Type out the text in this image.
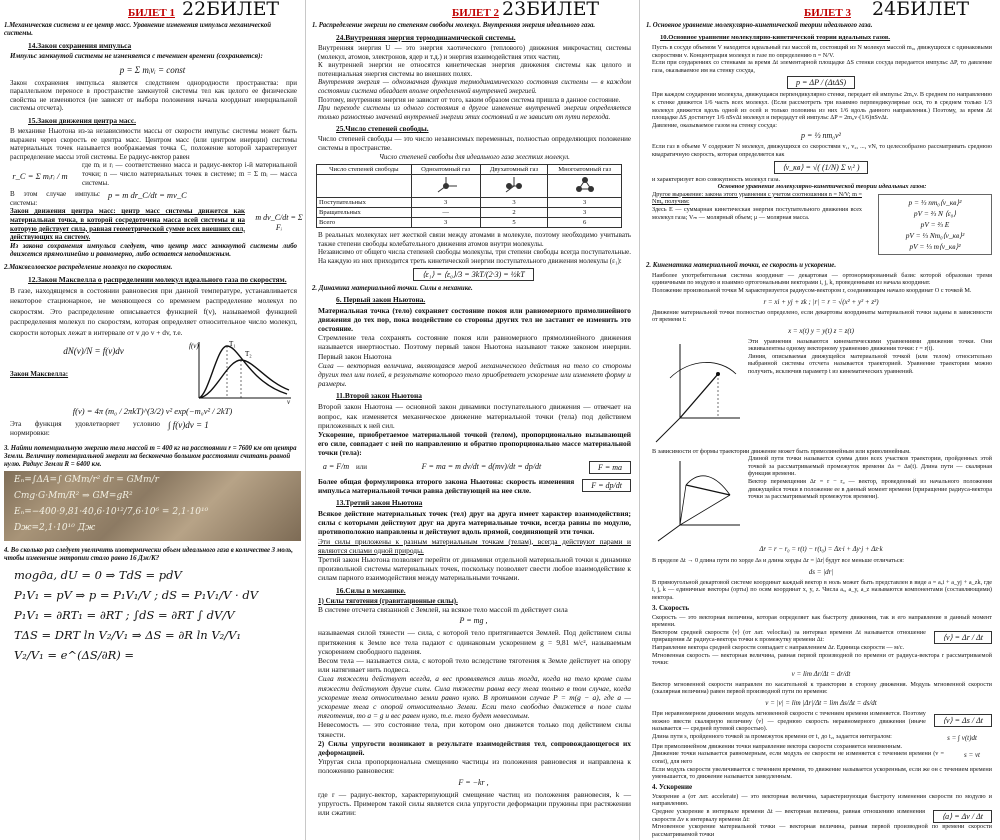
БИЛЕТ 1 22БИЛЕТ
1.Механическая система и ее центр масс. Уравнение изменения импульса механической системы.
14.Закон сохранения импульса
Импульс замкнутой системы не изменяется с течением времени (сохраняется):
p = Σ mᵢvᵢ = const
Закон сохранения импульса является следствием однородности пространства: при параллельном переносе в пространстве замкнутой системы тел как целого ее физические свойства не изменяются (не зависят от выбора положения начала координат инерциальной системы отсчета).
15.Закон движения центра масс.
В механике Ньютона из-за независимости массы от скорости импульс системы может быть выражен через скорость ее центра масс. Центром масс (или центром инерции) системы материальных точек называется воображаемая точка C, положение которой характеризует распределение массы этой системы. Ее радиус-вектор равен
r_C = Σ mᵢrᵢ / m
где mᵢ и rᵢ — соответственно масса и радиус-вектор i-й материальной точки; n — число материальных точек в системе; m = Σ mᵢ — масса системы.
В этом случае импульс системы:
p = m dr_C/dt = mv_C
Закон движения центра масс: центр масс системы движется как материальная точка, в которой сосредоточена масса всей системы и на которую действует сила, равная геометрической сумме всех внешних сил, действующих на систему.
m dv_C/dt = Σ Fᵢ
Из закона сохранения импульса следует, что центр масс замкнутой системы либо движется прямолинейно и равномерно, либо остается неподвижным.
2.Максвелловское распределение молекул по скоростям.
12.Закон Максвелла о распределении молекул идеального газа по скоростям.
В газе, находящемся в состоянии равновесия при данной температуре, устанавливается некоторое стационарное, не меняющееся со временем распределение молекул по скоростям. Это распределение описывается функцией f(v), называемой функцией распределения молекул по скоростям, которая определяет относительное число молекул, скорости которых лежат в интервале от v до v + dv, т.е.
dN(v)/N = f(v)dv
Закон Максвелла:
f(v)	T₁
T₂
v
f(v) = 4π (m₀ / 2πkT)^(3/2) v² exp(−m₀v² / 2kT)
Эта функция удовлетворяет условию нормировки:
∫ f(v)dv = 1
3. Найти потенциальную энергию тела массой m = 400 кг на расстоянии r = 7600 км от центра Земли. Величину потенциальной энергии на бесконечно большом расстоянии считать равной нулю. Радиус Земли R = 6400 км.
Eₙ=∫ΔA=∫ GMm/r² dr = GMm/r
Cmg·G·Mm/R² ⇒ GM=gR²
Eₙ=−400·9,81·40,6·10¹²/7,6·10⁶ = 2,1·10¹⁰
Dж=2,1·10¹⁰ Дж
4. Во сколько раз следует увеличить изотермически объем идеального газа в количестве 3 моль, чтобы изменение энтропии стало равно 16 Дж/К?
mogда, dU = 0 ⇒ TdS = pdV
P₁V₁ = pV ⇒ p = P₁V₁/V ; dS = P₁V₁/V · dV
P₁V₁ = ∂RT₁ = ∂RT ; ∫dS = ∂RT ∫ dV/V
TΔS = DRT ln V₂/V₁ ⇒ ΔS = ∂R ln V₂/V₁
V₂/V₁ = e^(ΔS/∂R) =
БИЛЕТ 2 23БИЛЕТ
1. Распределение энергии по степеням свободы молекул. Внутренняя энергия идеального газа.
24.Внутренняя энергия термодинамической системы.
Внутренняя энергия U — это энергия хаотического (теплового) движения микрочастиц системы (молекул, атомов, электронов, ядер и т.д.) и энергия взаимодействия этих частиц.
К внутренней энергии не относятся кинетическая энергия движения системы как целого и потенциальная энергия системы во внешних полях.
Внутренняя энергия — однозначная функция термодинамического состояния системы — в каждом состоянии система обладает вполне определенной внутренней энергией.
Поэтому, внутренняя энергия не зависит от того, каким образом система пришла в данное состояние.
При переходе системы из одного состояния в другое изменение внутренней энергии определяется только разностью значений внутренней энергии этих состояний и не зависит от пути перехода.
25.Число степеней свободы.
Число степеней свободы — это число независимых переменных, полностью определяющих положение системы в пространстве.
Число степеней свободы для идеального газа жестких молекул.
Число степеней свободы	Одноатомный газ	Двухатомный газ	Многоатомный газ

Поступательных	3	3	3
Вращательных	—	2	3
Всего	3	5	6
В реальных молекулах нет жесткой связи между атомами в молекуле, поэтому необходимо учитывать также степени свободы колебательного движения атомов внутри молекулы.
Независимо от общего числа степеней свободы молекулы, три степени свободы всегда поступательные. На каждую из них приходится треть кинетической энергии поступательного движения молекулы (ε₁):
⟨ε₁⟩ = ⟨ε₀⟩/3 = 3kT/(2·3) = ½kT
2. Динамика материальной точки. Силы в механике.
6. Первый закон Ньютона.
Материальная точка (тело) сохраняет состояние покоя или равномерного прямолинейного движения до тех пор, пока воздействие со стороны других тел не заставит ее изменить это состояние.
Стремление тела сохранять состояние покоя или равномерного прямолинейного движения называется инертностью. Поэтому первый закон Ньютона называют также законом инерции. Первый закон Ньютона
Сила — векторная величина, являющаяся мерой механического действия на тело со стороны других тел или полей, в результате которого тело приобретает ускорение или изменяет форму и размеры.
11.Второй закон Ньютона
Второй закон Ньютона — основной закон динамики поступательного движения — отвечает на вопрос, как изменяется механическое движение материальной точки (тела) под действием приложенных к ней сил.
Ускорение, приобретаемое материальной точкой (телом), пропорционально вызывающей его силе, совпадает с ней по направлению и обратно пропорционально массе материальной точки (тела):
a = F/m или	F = ma = m dv/dt = d(mv)/dt = dp/dt	F = ma
Более общая формулировка второго закона Ньютона: скорость изменения импульса материальной точки равна действующей на нее силе.
F = dp/dt
13.Третий закон Ньютона
Всякое действие материальных точек (тел) друг на друга имеет характер взаимодействия; силы с которыми действуют друг на друга материальные точки, всегда равны по модулю, противоположно направлены и действуют вдоль прямой, соединяющей эти точки.
Эти силы приложены к разным материальным точкам (телам), всегда действуют парами и являются силами одной природы.
Третий закон Ньютона позволяет перейти от динамики отдельной материальной точки к динамике произвольной системы материальных точек, поскольку позволяет свести любое взаимодействие к силам парного взаимодействия между материальными точками.
16.Силы в механике.
1) Силы тяготения (гравитационные силы).
В системе отсчета связанной с Землей, на всякое тело массой m действует сила
P = mg ,
называемая силой тяжести — сила, с которой тело притягивается Землей. Под действием силы притяжения к Земле все тела падают с одинаковым ускорением g = 9,81 м/с², называемым ускорением свободного падения.
Весом тела — называется сила, с которой тело вследствие тяготения к Земле действует на опору или натягивает нить подвеса.
Сила тяжести действует всегда, а вес проявляется лишь тогда, когда на тело кроме силы тяжести действуют другие силы. Сила тяжести равна весу тела только в том случае, когда ускорение тела относительно земли равно нулю. В противном случае P = m(g − a), где a — ускорение тела с опорой относительно Земли. Если тело свободно движется в поле силы тяготения, то a = g и вес равен нулю, т.е. тело будет невесомым.
Невесомость — это состояние тела, при котором оно движется только под действием силы тяжести.
2) Силы упругости возникают в результате взаимодействия тел, сопровождающегося их деформацией.
Упругая сила пропорциональна смещению частицы из положения равновесия и направлена к положению равновесия:
F = −kr ,
где r — радиус-вектор, характеризующий смещение частиц из положения равновесия, k — упругость. Примером такой силы является сила упругости деформации пружины при растяжении или сжатии:
БИЛЕТ 3 24БИЛЕТ
1. Основное уравнение молекулярно-кинетической теории идеального газа.
10.Основное уравнение молекулярно-кинетической теории идеальных газов.
Пусть в сосуде объемом V находится идеальный газ массой m, состоящий из N молекул массой m₀, движущихся с одинаковыми скоростями v. Концентрация молекул в газе по определению n = N/V.
Если при соударениях со стенками за время Δt элементарной площадке ΔS стенки сосуда передается импульс ΔP, то давление газа, оказываемое им на стенку сосуда,
p = ΔP / (ΔtΔS)
При каждом соударении молекула, движущаяся перпендикулярно стенке, передает ей импульс 2m₀v. В среднем по направлению к стенке движется 1/6 часть всех молекул. (Если рассмотреть три взаимно перпендикулярные оси, то в среднем только 1/3 молекул движется вдоль одной из осей и только половина из них 1/6 вдоль данного направления.) Поэтому, за время Δt площадке ΔS достигнут 1/6 nSvΔt молекул и передадут ей импульс ΔP = 2m₀v·(1/6)nSvΔt.
Давление, оказываемое газом на стенку сосуда:
p = ⅓ nm₀v²
Если газ в объеме V содержит N молекул, движущихся со скоростями v₁, v₂, ..., vN, то целесообразно рассматривать среднюю квадратичную скорость, которая определяется как
⟨v_кв⟩ = √( (1/N) Σ vᵢ² )
и характеризует всю совокупность молекул газа.
Основное уравнение молекулярно-кинетической теории идеальных газов:
Другое выражение: закона этого уравнения с учетом соотношения n = N/V; m = Nm₀ получим:
Здесь E — суммарная кинетическая энергия поступательного движения всех молекул газа; Vₘ — молярный объем; μ — молярная масса.
p = ⅓ nm₀⟨v_кв⟩²
pV = ⅔ N ⟨ε₀⟩
pV = ⅔ E
pV = ⅓ Nm₀⟨v_кв⟩²
pV = ⅓ m⟨v_кв⟩²
2. Кинематика материальной точки, ее скорость и ускорение.
Наиболее употребительная система координат — декартовая — ортонормированный базис которой образован тремя единичными по модулю и взаимно ортогональными векторами i, j, k, проведенными из начала координат.
Положение произвольной точки M характеризуется радиусом-вектором r, соединяющим начало координат O с точкой M.
r = xi + yj + zk ; |r| = r = √(x² + y² + z²)
Движение материальной точки полностью определено, если декартовы координаты материальной точки заданы в зависимости от времени t:
x = x(t) y = y(t) z = z(t)
Эти уравнения называются кинематическими уравнениями движения точки. Они эквивалентны одному векторному уравнению движения точки: r = r(t).
Линия, описываемая движущейся материальной точкой (или телом) относительно выбранной системы отсчета называется траекторией. Уравнение траектории можно получить, исключив параметр t из кинематических уравнений.
В зависимости от формы траектории движение может быть прямолинейным или криволинейным.
Длиной пути точки называется сумма длин всех участков траектории, пройденных этой точкой за рассматриваемый промежуток времени Δs = Δs(t). Длина пути — скалярная функция времени.
Вектор перемещения Δr = r − r₀ — вектор, проведенный из начального положения движущейся точки в положение ее в данный момент времени (приращение радиуса-вектора точки за рассматриваемый промежуток времени).
Δr = r − r₀ = r(t) − r(t₀) = Δx·i + Δy·j + Δz·k
В пределе Δt → 0 длина пути по хорде Δs и длина хорды Δr = |Δr| будут все меньше отличаться:
ds = |dr|
В прямоугольной декартовой системе координат каждый вектор в ноль может быть представлен в виде a = aₓi + a_yj + a_zk, где i, j, k — единичные векторы (орты) по осям координат x, y, z. Числа aₓ, a_y, a_z называются компонентами (составляющими) вектора.
3. Скорость
Скорость — это векторная величина, которая определяет как быстроту движения, так и его направление в данный момент времени.
Вектором средней скорости ⟨v⟩ (от лат. velocitas) за интервал времени Δt называется отношение приращения Δr радиуса-вектора точки к промежутку времени Δt:	⟨v⟩ = Δr / Δt
Направление вектора средней скорости совпадает с направлением Δr. Единица скорости — м/с.
Мгновенная скорость — векторная величина, равная первой производной по времени от радиуса-вектора r рассматриваемой точки:
v = lim Δr/Δt = dr/dt
Вектор мгновенной скорости направлен по касательной к траектории в сторону движения. Модуль мгновенной скорости (скалярная величина) равен первой производной пути по времени:
v = |v| = lim |Δr|/Δt = lim Δs/Δt = ds/dt
При неравномерном движении модуль мгновенной скорости с течением времени изменяется. Поэтому можно ввести скалярную величину ⟨v⟩ — среднюю скорость неравномерного движения (иначе называется — средней путевой скоростью).
⟨v⟩ = Δs / Δt
Длина пути s, пройденного точкой за промежуток времени от t₁ до t₂, задается интегралом:	s = ∫ v(t)dt
При прямолинейном движении точки направление вектора скорости сохраняется неизменным.
Движение точки называется равномерным, если модуль ее скорости не изменяется с течением времени (v = const), для него
s = vt
Если модуль скорости увеличивается с течением времени, то движение называется ускоренным, если же он с течением времени уменьшается, то движение называется замедленным.
4. Ускорение
Ускорение a (от лат. accelerate) — это векторная величина, характеризующая быстроту изменения скорости по модулю и направлению.
Среднее ускорение в интервале времени Δt — векторная величина, равная отношению изменения скорости Δv к интервалу времени Δt:	⟨a⟩ = Δv / Δt
Мгновенное ускорение материальной точки — векторная величина, равная первой производной по времени скорости рассматриваемой точки
